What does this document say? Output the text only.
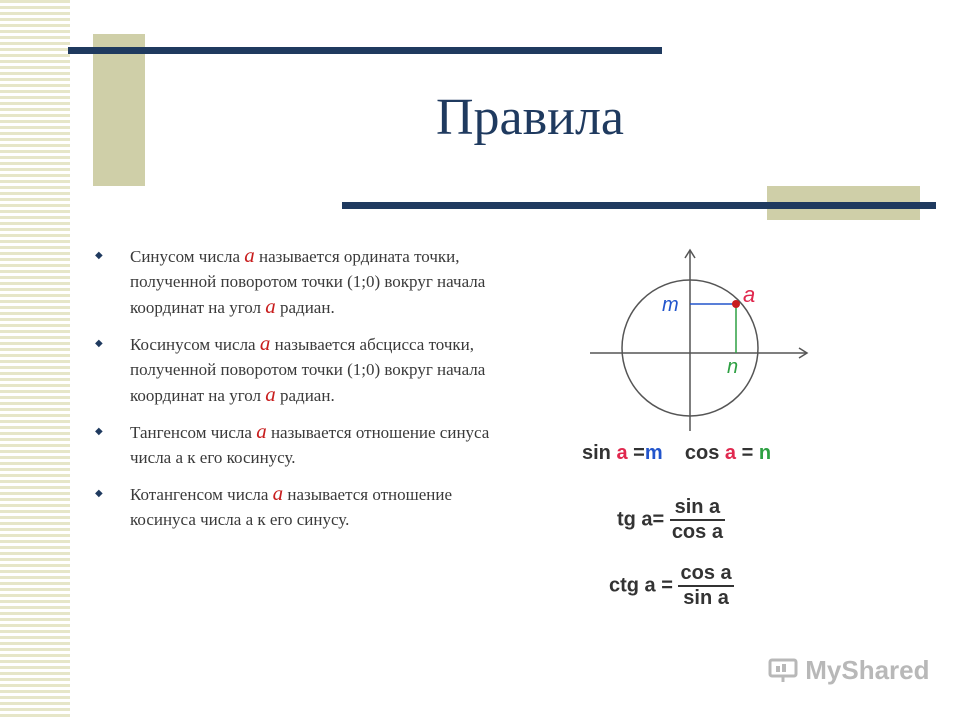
Правила
◆ Синусом числа a называется ордината точки, полученной поворотом точки (1;0) вокруг начала координат на угол a радиан.
◆ Косинусом числа a называется абсцисса точки, полученной поворотом точки (1;0) вокруг начала координат на угол a радиан.
◆ Тангенсом числа a называется отношение синуса числа а к его косинусу.
◆ Котангенсом числа a называется отношение косинуса числа а к его синусу.
a
m
n
sin a =m cos a = n
tg $a= \frac{\text{sin a}}{\text{cos a}}$
ctg $a = \frac{\text{cos a}}{\text{sin a}}$
MyShared
